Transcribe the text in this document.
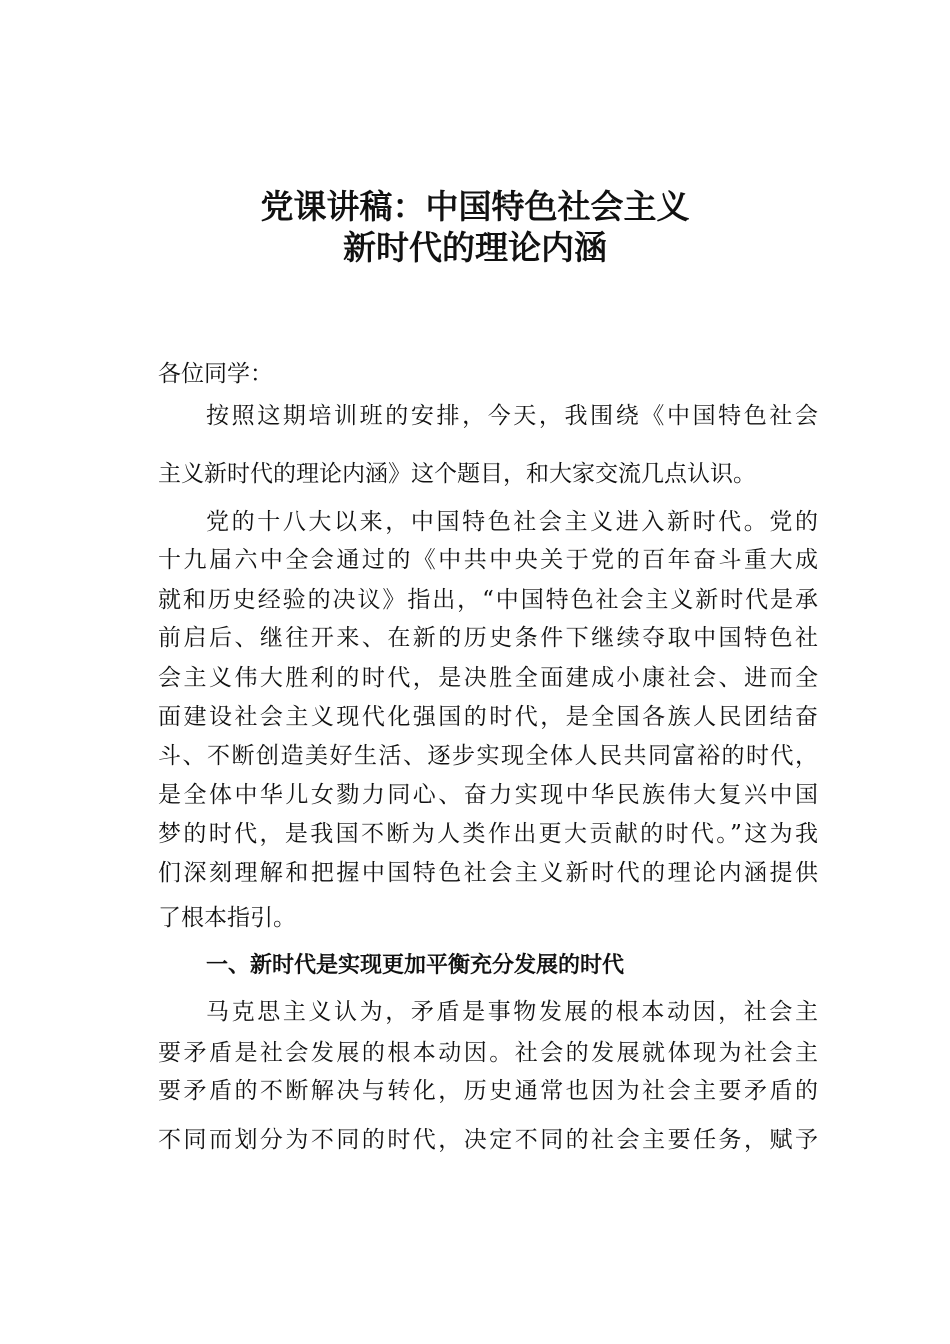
党课讲稿：中国特色社会主义
新时代的理论内涵
各位同学：
按照这期培训班的安排，今天，我围绕《中国特色社会
主义新时代的理论内涵》这个题目，和大家交流几点认识。
党的十八大以来，中国特色社会主义进入新时代。党的
十九届六中全会通过的《中共中央关于党的百年奋斗重大成
就和历史经验的决议》指出，“中国特色社会主义新时代是承
前启后、继往开来、在新的历史条件下继续夺取中国特色社
会主义伟大胜利的时代，是决胜全面建成小康社会、进而全
面建设社会主义现代化强国的时代，是全国各族人民团结奋
斗、不断创造美好生活、逐步实现全体人民共同富裕的时代，
是全体中华儿女勠力同心、奋力实现中华民族伟大复兴中国
梦的时代，是我国不断为人类作出更大贡献的时代。”这为我
们深刻理解和把握中国特色社会主义新时代的理论内涵提供
了根本指引。
一、新时代是实现更加平衡充分发展的时代
马克思主义认为，矛盾是事物发展的根本动因，社会主
要矛盾是社会发展的根本动因。社会的发展就体现为社会主
要矛盾的不断解决与转化，历史通常也因为社会主要矛盾的
不同而划分为不同的时代，决定不同的社会主要任务，赋予
